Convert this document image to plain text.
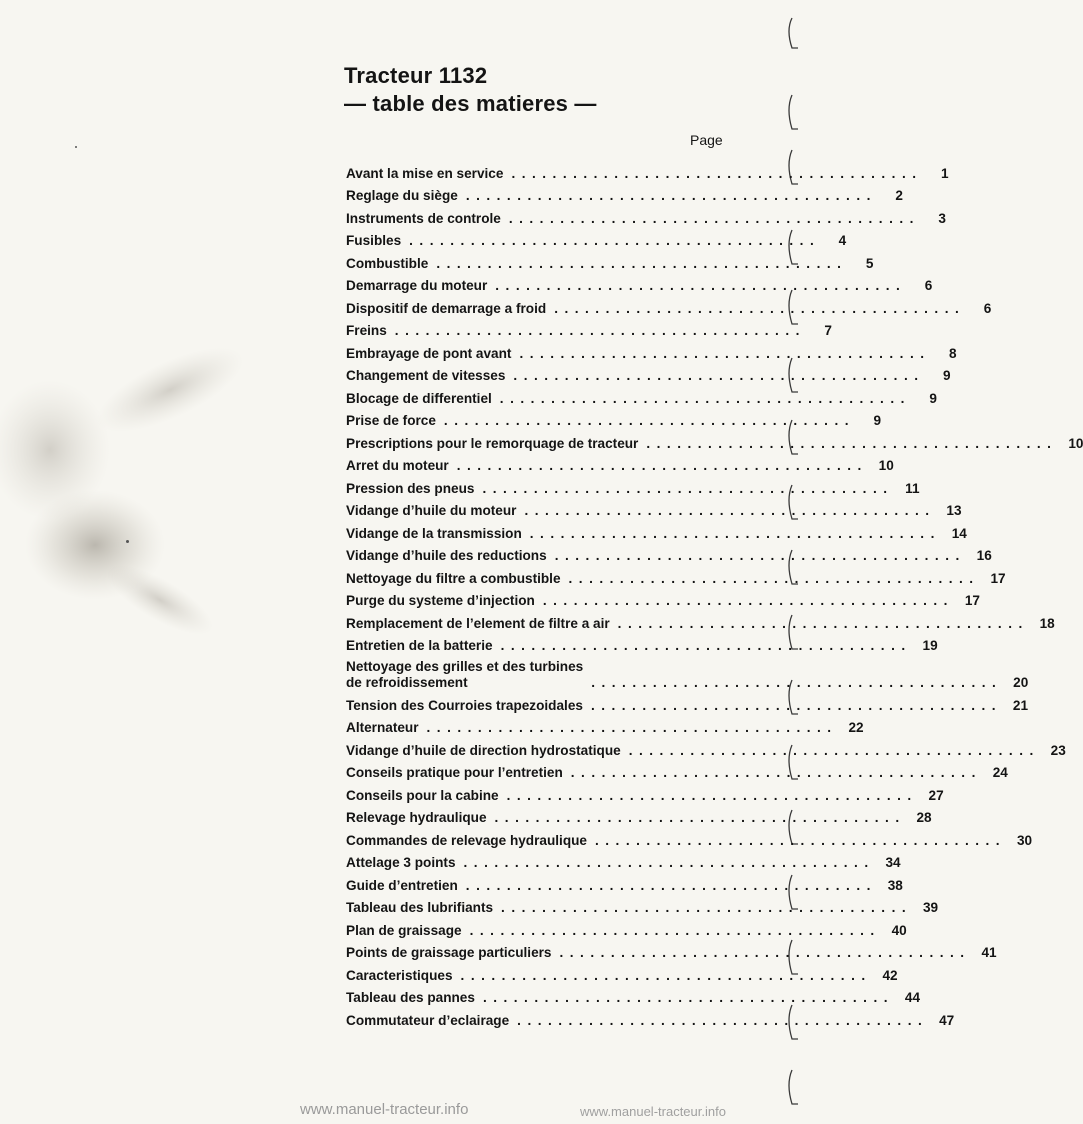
Tracteur 1132
— table des matieres —
Page
Avant la mise en service ........................................	1
Reglage du siège ........................................	2
Instruments de controle ........................................	3
Fusibles ........................................	4
Combustible ........................................	5
Demarrage du moteur ........................................	6
Dispositif de demarrage a froid ........................................	6
Freins ........................................	7
Embrayage de pont avant ........................................	8
Changement de vitesses ........................................	9
Blocage de differentiel ........................................	9
Prise de force ........................................	9
Prescriptions pour le remorquage de tracteur ........................................ 10
Arret du moteur ........................................ 10
Pression des pneus ........................................ 11
Vidange d’huile du moteur ........................................ 13
Vidange de la transmission ........................................ 14
Vidange d’huile des reductions ........................................ 16
Nettoyage du filtre a combustible ........................................ 17
Purge du systeme d’injection ........................................ 17
Remplacement de l’element de filtre a air ........................................ 18
Entretien de la batterie ........................................ 19
Nettoyage des grilles et des turbines
de refroidissement	........................................ 20
Tension des Courroies trapezoidales ........................................ 21
Alternateur ........................................ 22
Vidange d’huile de direction hydrostatique ........................................ 23
Conseils pratique pour l’entretien ........................................ 24
Conseils pour la cabine ........................................ 27
Relevage hydraulique ........................................ 28
Commandes de relevage hydraulique ........................................ 30
Attelage 3 points ........................................ 34
Guide d’entretien ........................................ 38
Tableau des lubrifiants ........................................ 39
Plan de graissage ........................................ 40
Points de graissage particuliers ........................................ 41
Caracteristiques ........................................ 42
Tableau des pannes ........................................ 44
Commutateur d’eclairage ........................................ 47
www.manuel-tracteur.info	www.manuel-tracteur.info
